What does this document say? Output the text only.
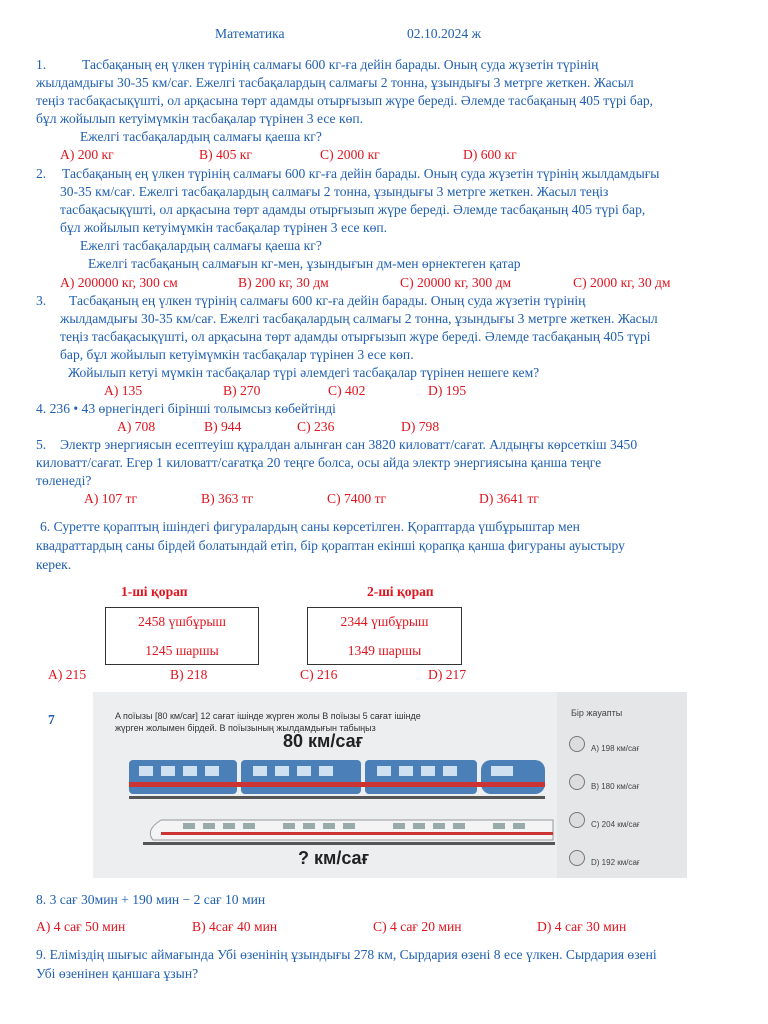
Математика	02.10.2024 ж
1.	Тасбақаның ең үлкен түрінің салмағы 600 кг-ға дейін барады. Оның суда жүзетін түрінің
жылдамдығы 30-35 км/сағ. Ежелгі тасбақалардың салмағы 2 тонна, ұзындығы 3 метрге жеткен. Жасыл
теңіз тасбақасықүшті, ол арқасына төрт адамды отырғызып жүре береді. Әлемде тасбақаның 405 түрі бар,
бұл жойылып кетуімүмкін тасбақалар түрінен 3 есе көп.
Ежелгі тасбақалардың салмағы қаеша кг?
A) 200 кг	B) 405 кг	C) 2000 кг	D) 600 кг
2. Тасбақаның ең үлкен түрінің салмағы 600 кг-ға дейін барады. Оның суда жүзетін түрінің жылдамдығы
30-35 км/сағ. Ежелгі тасбақалардың салмағы 2 тонна, ұзындығы 3 метрге жеткен. Жасыл теңіз
тасбақасықүшті, ол арқасына төрт адамды отырғызып жүре береді. Әлемде тасбақаның 405 түрі бар,
бұл жойылып кетуімүмкін тасбақалар түрінен 3 есе көп.
Ежелгі тасбақалардың салмағы қаеша кг?
Ежелгі тасбақаның салмағын кг-мен, ұзындығын дм-мен өрнектеген қатар
A) 200000 кг, 300 см	B) 200 кг, 30 дм	C) 20000 кг, 300 дм	C) 2000 кг, 30 дм
3. Тасбақаның ең үлкен түрінің салмағы 600 кг-ға дейін барады. Оның суда жүзетін түрінің
жылдамдығы 30-35 км/сағ. Ежелгі тасбақалардың салмағы 2 тонна, ұзындығы 3 метрге жеткен. Жасыл
теңіз тасбақасықүшті, ол арқасына төрт адамды отырғызып жүре береді. Әлемде тасбақаның 405 түрі
бар, бұл жойылып кетуімүмкін тасбақалар түрінен 3 есе көп.
Жойылып кетуі мүмкін тасбақалар түрі әлемдегі тасбақалар түрінен нешеге кем?
A) 135	B) 270	C) 402	D) 195
4. 236 • 43 өрнегіндегі бірінші толымсыз көбейтінді
A) 708	B) 944	C) 236	D) 798
5. Электр энергиясын есептеуіш құралдан алынған сан 3820 киловатт/сағат. Алдыңғы көрсеткіш 3450
киловатт/сағат. Егер 1 киловатт/сағатқа 20 теңге болса, осы айда электр энергиясына қанша теңге
төленеді?
A) 107 тг	B) 363 тг	C) 7400 тг	D) 3641 тг
6. Суретте қораптың ішіндегі фигуралардың саны көрсетілген. Қораптарда үшбұрыштар мен
квадраттардың саны бірдей болатындай етіп, бір қораптан екінші қорапқа қанша фигураны ауыстыру
керек.
1-ші қорап	2-ші қорап
2458 үшбұрыш
1245 шаршы
2344 үшбұрыш
1349 шаршы
A) 215	B) 218	C) 216	D) 217
7	A поїызы [80 км/сағ] 12 сағат ішінде жүрген жолы B поїызы 5 сағат ішінде
жүрген жолымен бірдей. B поїызының жылдамдығын табыңыз
80 км/сағ
? км/сағ
Бір жауапты
A) 198 км/сағ
B) 180 км/сағ
C) 204 км/сағ
D) 192 км/сағ
8. 3 сағ 30мин + 190 мин − 2 сағ 10 мин
A) 4 сағ 50 мин	B) 4сағ 40 мин	C) 4 сағ 20 мин	D) 4 сағ 30 мин
9. Еліміздің шығыс аймағында Убі өзенінің ұзындығы 278 км, Сырдария өзені 8 есе үлкен. Сырдария өзені
Убі өзенінен қаншаға ұзын?
